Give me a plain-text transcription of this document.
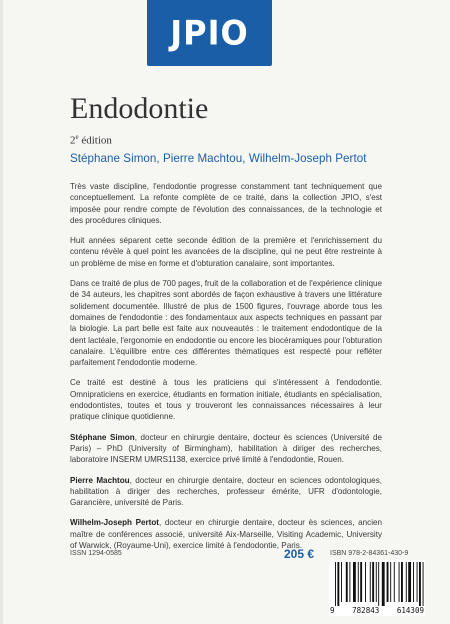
JPIO
Endodontie
2e édition
Stéphane Simon, Pierre Machtou, Wilhelm-Joseph Pertot

Très vaste discipline, l'endodontie progresse constamment tant techniquement que conceptuellement. La refonte complète de ce traité, dans la collection JPIO, s'est imposée pour rendre compte de l'évolution des connaissances, de la technologie et des procédures cliniques.

Huit années séparent cette seconde édition de la première et l'enrichissement du contenu révèle à quel point les avancées de la discipline, qui ne peut être restreinte à un problème de mise en forme et d'obturation canalaire, sont importantes.

Dans ce traité de plus de 700 pages, fruit de la collaboration et de l'expérience clinique de 34 auteurs, les chapitres sont abordés de façon exhaustive à travers une littérature solidement documentée. Illustré de plus de 1500 figures, l'ouvrage aborde tous les domaines de l'endodontie : des fondamentaux aux aspects techniques en passant par la biologie. La part belle est faite aux nouveautés : le traitement endodontique de la dent lactéale, l'ergonomie en endodontie ou encore les biocéramiques pour l'obturation canalaire. L'équilibre entre ces différentes thématiques est respecté pour refléter parfaitement l'endodontie moderne.

Ce traité est destiné à tous les praticiens qui s'intéressent à l'endodontie. Omnipraticiens en exercice, étudiants en formation initiale, étudiants en spécialisation, endodontistes, toutes et tous y trouveront les connaissances nécessaires à leur pratique clinique quotidienne.

Stéphane Simon, docteur en chirurgie dentaire, docteur ès sciences (Université de Paris) – PhD (University of Birmingham), habilitation à diriger des recherches, laboratoire INSERM UMRS1138, exercice privé limité à l'endodontie, Rouen.

Pierre Machtou, docteur en chirurgie dentaire, docteur en sciences odontologiques, habilitation à diriger des recherches, professeur émérite, UFR d'odontologie, Garancière, université de Paris.

Wilhelm-Joseph Pertot, docteur en chirurgie dentaire, docteur ès sciences, ancien maître de conférences associé, université Aix-Marseille, Visiting Academic, University of Warwick, (Royaume-Uni), exercice limité à l'endodontie, Paris.

ISSN 1294-0585	205 € ISBN 978-2-84361-430-9
9 782843 614309
